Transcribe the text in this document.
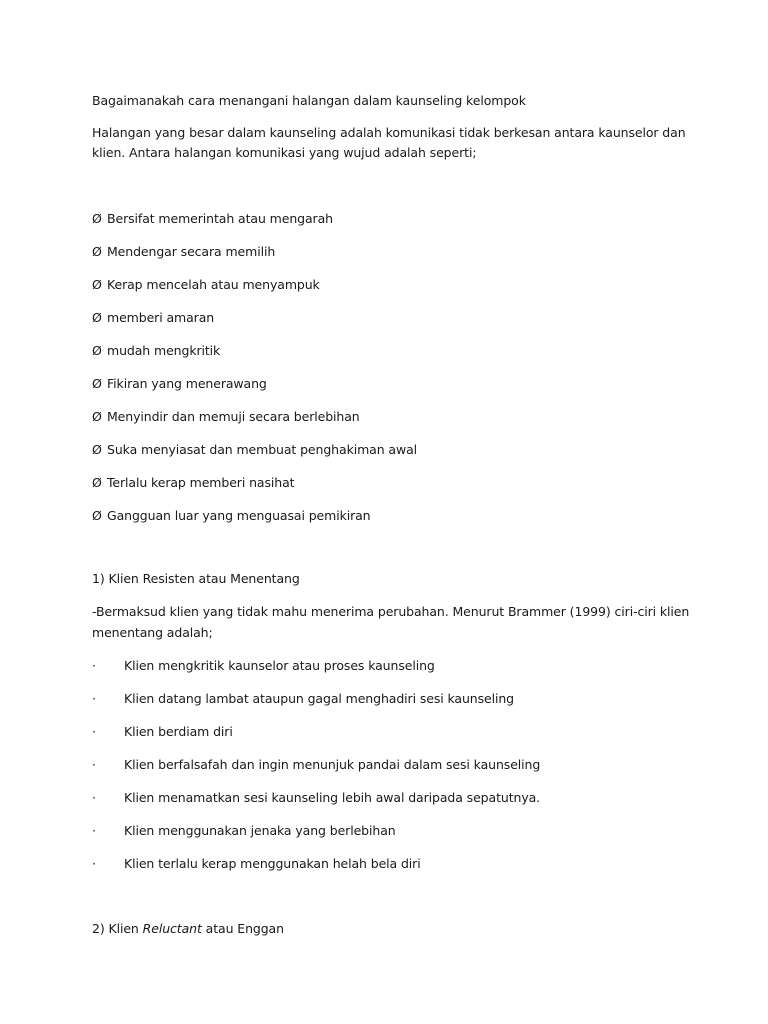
Bagaimanakah cara menangani halangan dalam kaunseling kelompok
Halangan yang besar dalam kaunseling adalah komunikasi tidak berkesan antara kaunselor dan
klien. Antara halangan komunikasi yang wujud adalah seperti;
Ø Bersifat memerintah atau mengarah
Ø Mendengar secara memilih
Ø Kerap mencelah atau menyampuk
Ø memberi amaran
Ø mudah mengkritik
Ø Fikiran yang menerawang
Ø Menyindir dan memuji secara berlebihan
Ø Suka menyiasat dan membuat penghakiman awal
Ø Terlalu kerap memberi nasihat
Ø Gangguan luar yang menguasai pemikiran
1) Klien Resisten atau Menentang
-Bermaksud klien yang tidak mahu menerima perubahan. Menurut Brammer (1999) ciri-ciri klien
menentang adalah;
· Klien mengkritik kaunselor atau proses kaunseling
· Klien datang lambat ataupun gagal menghadiri sesi kaunseling
· Klien berdiam diri
· Klien berfalsafah dan ingin menunjuk pandai dalam sesi kaunseling
· Klien menamatkan sesi kaunseling lebih awal daripada sepatutnya.
· Klien menggunakan jenaka yang berlebihan
· Klien terlalu kerap menggunakan helah bela diri
2) Klien Reluctant atau Enggan
